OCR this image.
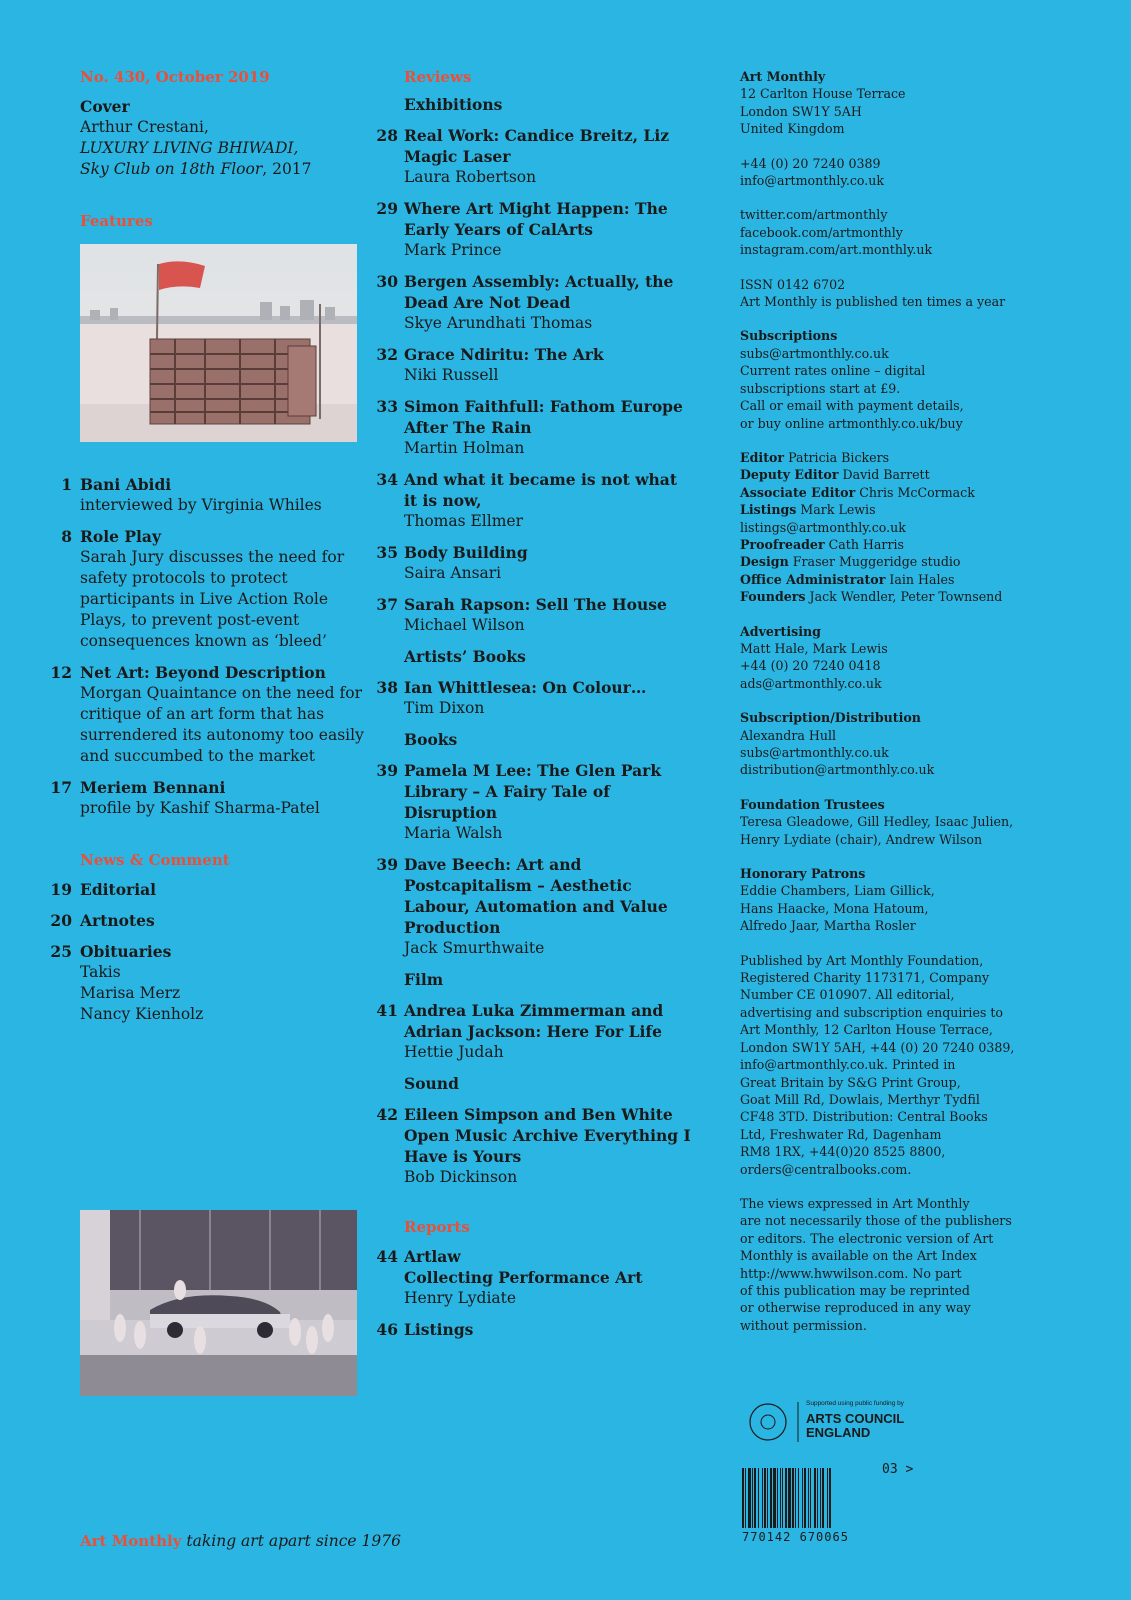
No. 430, October 2019
Cover
Arthur Crestani,
LUXURY LIVING BHIWADI,
Sky Club on 18th Floor, 2017
Features
1 Bani Abidi
interviewed by Virginia Whiles
8 Role Play
Sarah Jury discusses the need for safety protocols to protect participants in Live Action Role Plays, to prevent post-event consequences known as ‘bleed’
12 Net Art: Beyond Description
Morgan Quaintance on the need for critique of an art form that has surrendered its autonomy too easily and succumbed to the market
17 Meriem Bennani
profile by Kashif Sharma-Patel
News & Comment
19 Editorial
20 Artnotes
25 Obituaries
Takis
Marisa Merz
Nancy Kienholz
Reviews
Exhibitions
28 Real Work: Candice Breitz, Liz Magic Laser
Laura Robertson
29 Where Art Might Happen: The Early Years of CalArts
Mark Prince
30 Bergen Assembly: Actually, the Dead Are Not Dead
Skye Arundhati Thomas
32 Grace Ndiritu: The Ark
Niki Russell
33 Simon Faithfull: Fathom Europe After The Rain
Martin Holman
34 And what it became is not what it is now,
Thomas Ellmer
35 Body Building
Saira Ansari
37 Sarah Rapson: Sell The House
Michael Wilson
Artists’ Books
38 Ian Whittlesea: On Colour…
Tim Dixon
Books
39 Pamela M Lee: The Glen Park Library – A Fairy Tale of Disruption
Maria Walsh
39 Dave Beech: Art and Postcapitalism – Aesthetic Labour, Automation and Value Production
Jack Smurthwaite
Film
41 Andrea Luka Zimmerman and Adrian Jackson: Here For Life
Hettie Judah
Sound
42 Eileen Simpson and Ben White Open Music Archive Everything I Have is Yours
Bob Dickinson
Reports
44 Artlaw
Collecting Performance Art
Henry Lydiate
46 Listings
Art Monthly
12 Carlton House Terrace
London SW1Y 5AH
United Kingdom
+44 (0) 20 7240 0389
info@artmonthly.co.uk
twitter.com/artmonthly
facebook.com/artmonthly
instagram.com/art.monthly.uk
ISSN 0142 6702
Art Monthly is published ten times a year
Subscriptions
subs@artmonthly.co.uk
Current rates online – digital
subscriptions start at £9.
Call or email with payment details,
or buy online artmonthly.co.uk/buy
Editor Patricia Bickers
Deputy Editor David Barrett
Associate Editor Chris McCormack
Listings Mark Lewis
listings@artmonthly.co.uk
Proofreader Cath Harris
Design Fraser Muggeridge studio
Office Administrator Iain Hales
Founders Jack Wendler, Peter Townsend
Advertising
Matt Hale, Mark Lewis
+44 (0) 20 7240 0418
ads@artmonthly.co.uk
Subscription/Distribution
Alexandra Hull
subs@artmonthly.co.uk
distribution@artmonthly.co.uk
Foundation Trustees
Teresa Gleadowe, Gill Hedley, Isaac Julien,
Henry Lydiate (chair), Andrew Wilson
Honorary Patrons
Eddie Chambers, Liam Gillick,
Hans Haacke, Mona Hatoum,
Alfredo Jaar, Martha Rosler
Published by Art Monthly Foundation,
Registered Charity 1173171, Company
Number CE 010907. All editorial,
advertising and subscription enquiries to
Art Monthly, 12 Carlton House Terrace,
London SW1Y 5AH, +44 (0) 20 7240 0389,
info@artmonthly.co.uk. Printed in
Great Britain by S&G Print Group,
Goat Mill Rd, Dowlais, Merthyr Tydfil
CF48 3TD. Distribution: Central Books
Ltd, Freshwater Rd, Dagenham
RM8 1RX, +44(0)20 8525 8800,
orders@centralbooks.com.
The views expressed in Art Monthly
are not necessarily those of the publishers
or editors. The electronic version of Art
Monthly is available on the Art Index
http://www.hwwilson.com. No part
of this publication may be reprinted
or otherwise reproduced in any way
without permission.
Supported using public funding by
ARTS COUNCIL
ENGLAND
770142 670065
03 >
Art Monthly taking art apart since 1976
